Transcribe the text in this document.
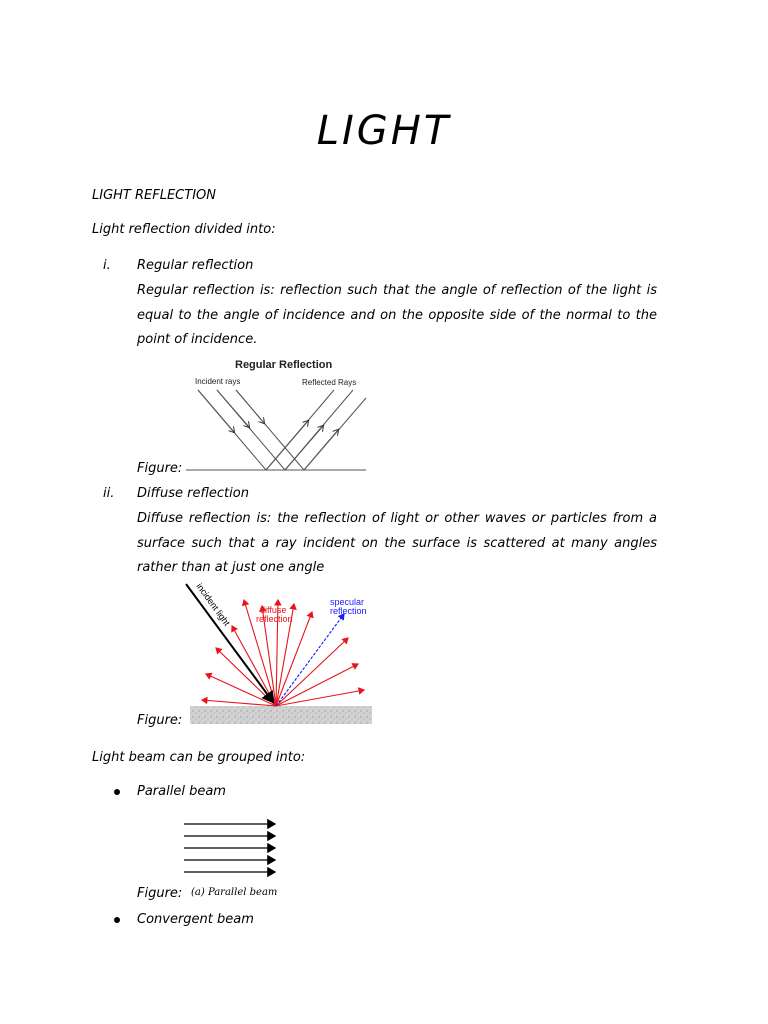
LIGHT
LIGHT REFLECTION
Light reflection divided into:
i. Regular reflection
Regular reflection is: reflection such that the angle of reflection of the light is
equal to the angle of incidence and on the opposite side of the normal to the
point of incidence.
Figure:
Regular Reflection
Incident rays	Reflected Rays
ii. Diffuse reflection
Diffuse reflection is: the reflection of light or other waves or particles from a
surface such that a ray incident on the surface is scattered at many angles
rather than at just one angle
Figure:
incident light	diffuse
reflection
specular
reflection
Light beam can be grouped into:
Parallel beam
Figure: (a) Parallel beam
Convergent beam
